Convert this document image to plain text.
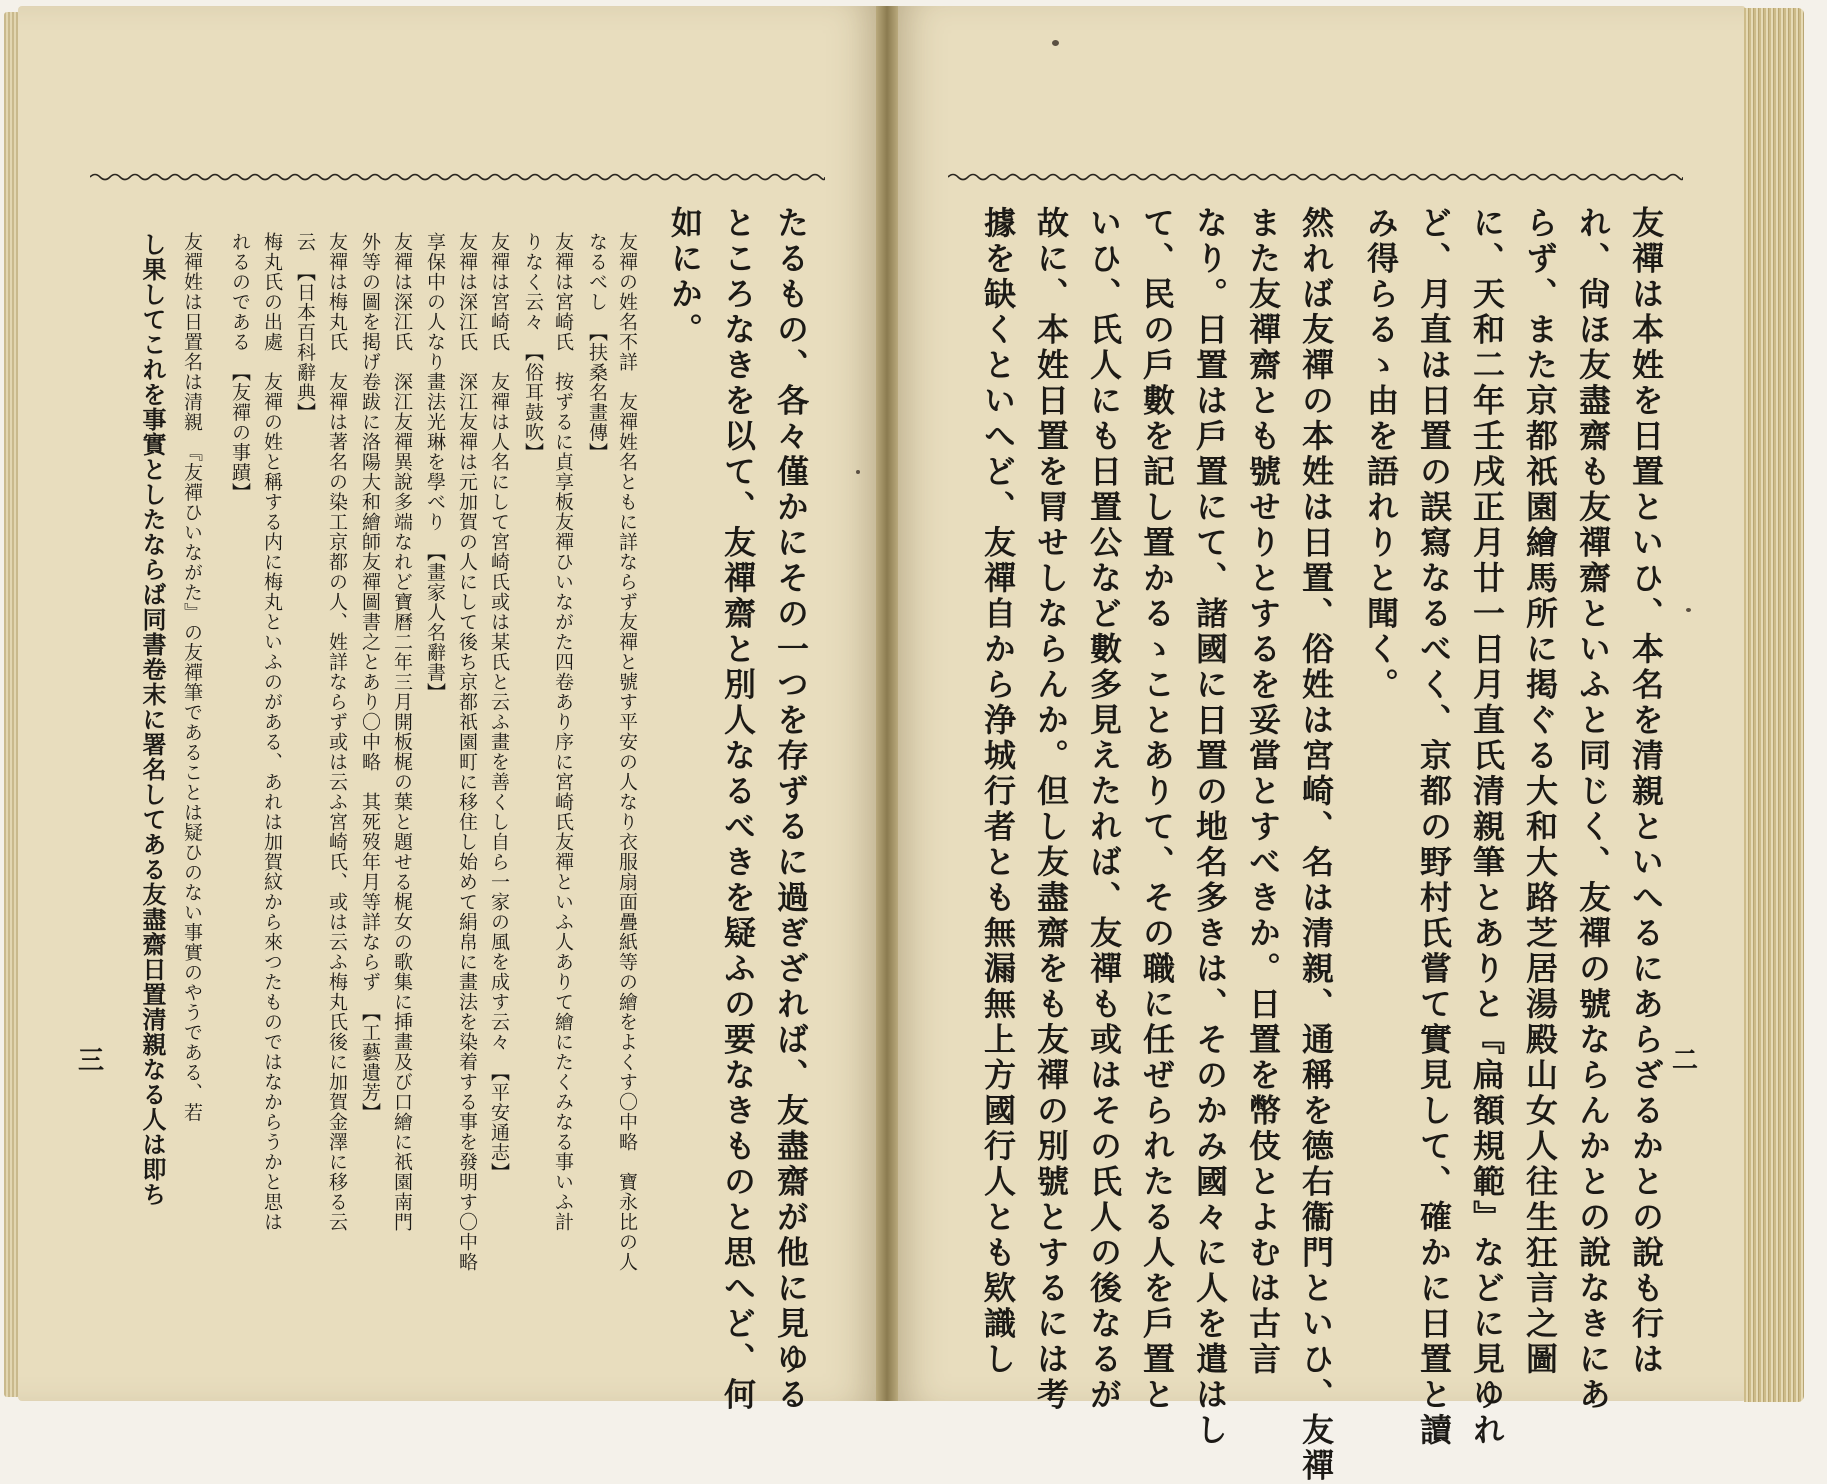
友禪は本姓を日置といひ、本名を清親といへるにあらざるかとの說も行は
れ、尙ほ友盡齋も友禪齋といふと同じく、友禪の號ならんかとの說なきにあ
らず、また京都祇園繪馬所に掲ぐる大和大路芝居湯殿山女人往生狂言之圖
に、天和二年壬戌正月廿一日月直氏清親筆とありと『扁額規範』などに見ゆれ
ど、月直は日置の誤寫なるべく、京都の野村氏嘗て實見して、確かに日置と讀
み得らるゝ由を語れりと聞く。
然れば友禪の本姓は日置、俗姓は宮崎、名は清親、通稱を德右衞門といひ、友禪
また友禪齋とも號せりとするを妥當とすべきか。日置を幣伎とよむは古言
なり。日置は戶置にて、諸國に日置の地名多きは、そのかみ國々に人を遣はし
て、民の戶數を記し置かるゝことありて、その職に任ぜられたる人を戶置と
いひ、氏人にも日置公など數多見えたれば、友禪も或はその氏人の後なるが
故に、本姓日置を冐せしならんか。但し友盡齋をも友禪の別號とするには考
據を缺くといへど、友禪自から浄城行者とも無漏無上方國行人とも欵識し	二
たるもの、各々僅かにその一つを存ずるに過ぎざれば、友盡齋が他に見ゆる
ところなきを以て、友禪齋と別人なるべきを疑ふの要なきものと思へど、何
如にか。
友禪の姓名不詳　友禪姓名ともに詳ならず友禪と號す平安の人なり衣服扇面疊紙等の繪をよくす〇中略　寶永比の人
なるべし　【扶桑名畫傳】
友禪は宮崎氏　按ずるに貞享板友禪ひいながた四卷あり序に宮崎氏友禪といふ人ありて繪にたくみなる事いふ計
りなく云々　【俗耳鼓吹】
友禪は宮崎氏　友禪は人名にして宮崎氏或は某氏と云ふ畫を善くし自ら一家の風を成す云々　【平安通志】
友禪は深江氏　深江友禪は元加賀の人にして後ち京都祇園町に移住し始めて絹帛に畫法を染着する事を發明す〇中略
享保中の人なり畫法光琳を學べり　【畫家人名辭書】
友禪は深江氏　深江友禪異說多端なれど寶曆二年三月開板梶の葉と題せる梶女の歌集に挿畫及び口繪に祇園南門
外等の圖を掲げ卷跋に洛陽大和繪師友禪圖書之とあり〇中略　其死歿年月等詳ならず　【工藝遺芳】
友禪は梅丸氏　友禪は著名の染工京都の人、姓詳ならず或は云ふ宮崎氏、或は云ふ梅丸氏後に加賀金澤に移る云
云　【日本百科辭典】
梅丸氏の出處　友禪の姓と稱する内に梅丸といふのがある、あれは加賀紋から來つたものではなからうかと思は
れるのである　【友禪の事蹟】
友禪姓は日置名は清親　『友禪ひいながた』の友禪筆であることは疑ひのない事實のやうである、若
し果してこれを事實としたならば同書卷末に署名してある友盡齋日置清親なる人は即ち
三
